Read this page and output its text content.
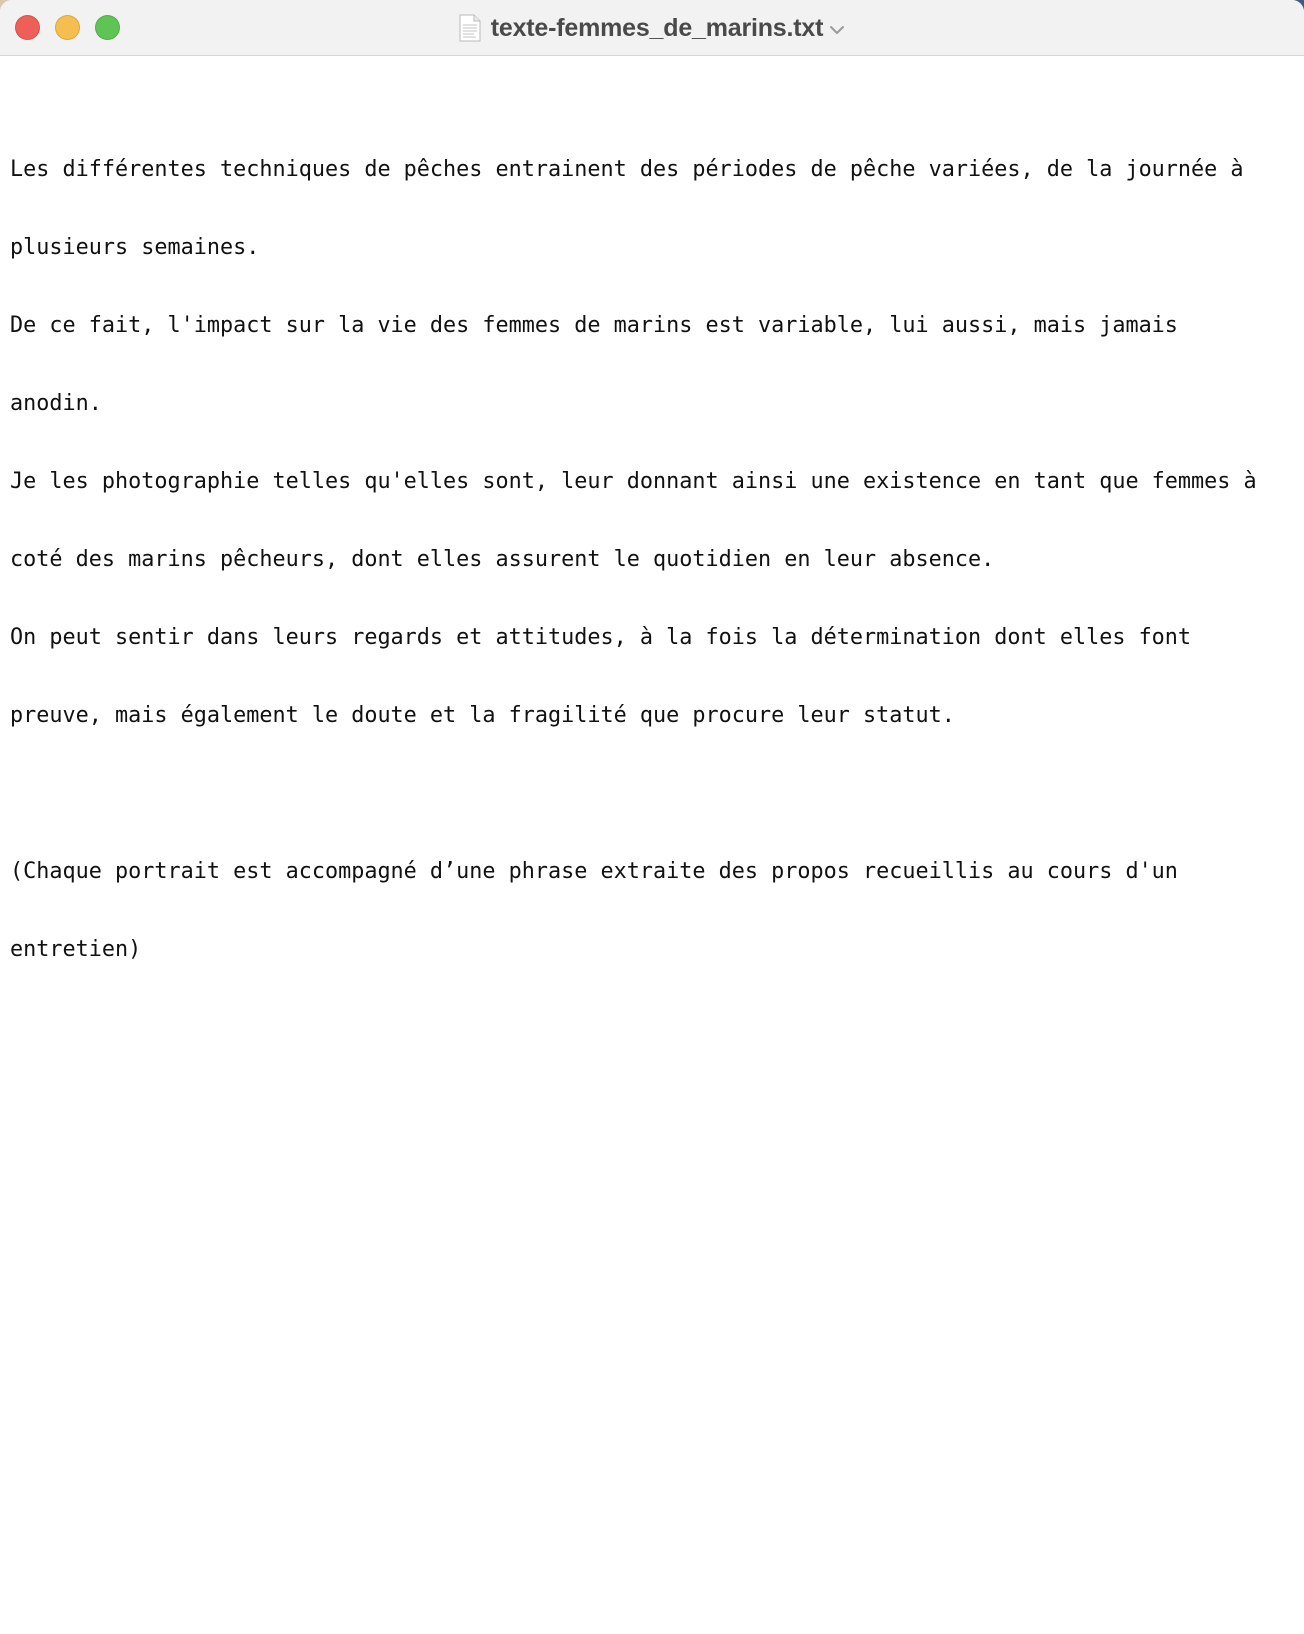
texte-femmes_de_marins.txt

Les différentes techniques de pêches entrainent des périodes de pêche variées, de la journée à

plusieurs semaines.

De ce fait, l'impact sur la vie des femmes de marins est variable, lui aussi, mais jamais

anodin.

Je les photographie telles qu'elles sont, leur donnant ainsi une existence en tant que femmes à

coté des marins pêcheurs, dont elles assurent le quotidien en leur absence.

On peut sentir dans leurs regards et attitudes, à la fois la détermination dont elles font

preuve, mais également le doute et la fragilité que procure leur statut.

(Chaque portrait est accompagné d’une phrase extraite des propos recueillis au cours d'un

entretien)
